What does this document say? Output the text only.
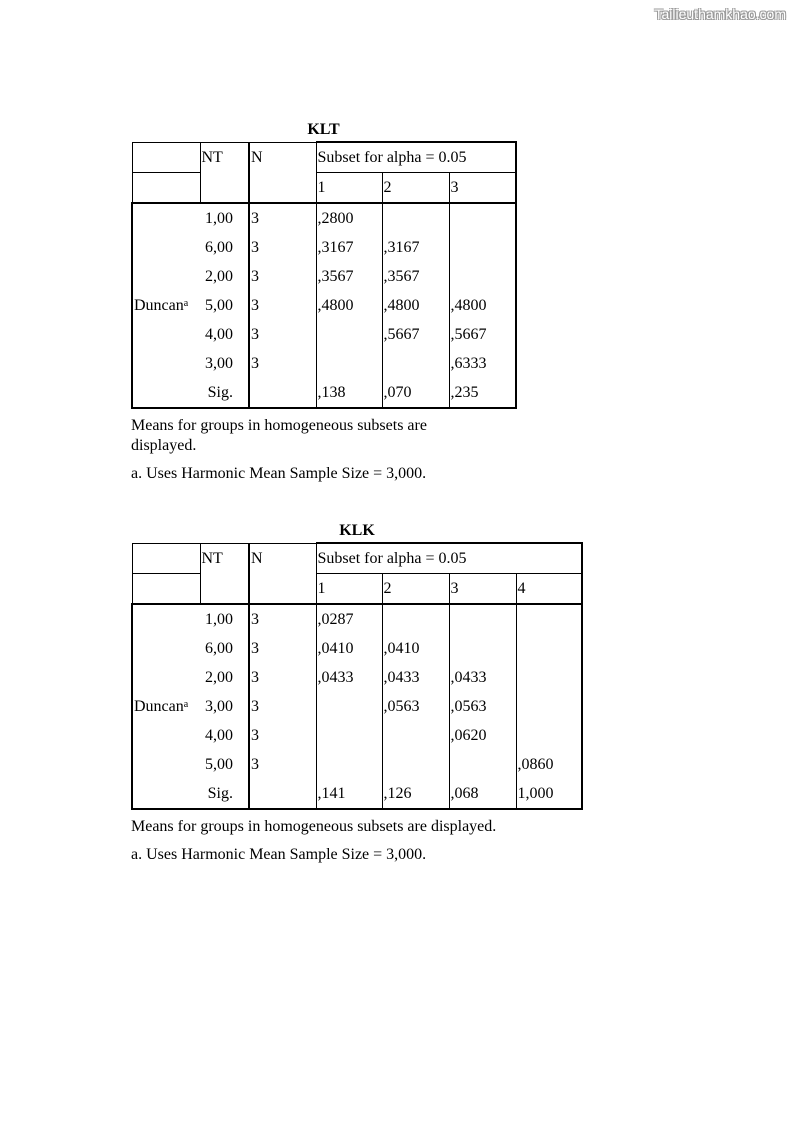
Tailieuthamkhao.com
KLT
	NT	N	Subset for alpha = 0.05		
			1	2	3
Duncan$^a$	1,00	3	,2800		
	6,00	3	,3167	,3167	
	2,00	3	,3567	,3567	
	5,00	3	,4800	,4800	,4800
	4,00	3		,5667	,5667
	3,00	3			,6333
	Sig.		,138	,070	,235

Means for groups in homogeneous subsets are

displayed.

a. Uses Harmonic Mean Sample Size = 3,000.

KLK
	NT	N	Subset for alpha = 0.05			
			1	2	3	4
Duncan$^a$	1,00	3	,0287			
	6,00	3	,0410	,0410		
	2,00	3	,0433	,0433	,0433	
	3,00	3		,0563	,0563	
	4,00	3			,0620	
	5,00	3				,0860
	Sig.		,141	,126	,068	1,000

Means for groups in homogeneous subsets are displayed.

a. Uses Harmonic Mean Sample Size = 3,000.
